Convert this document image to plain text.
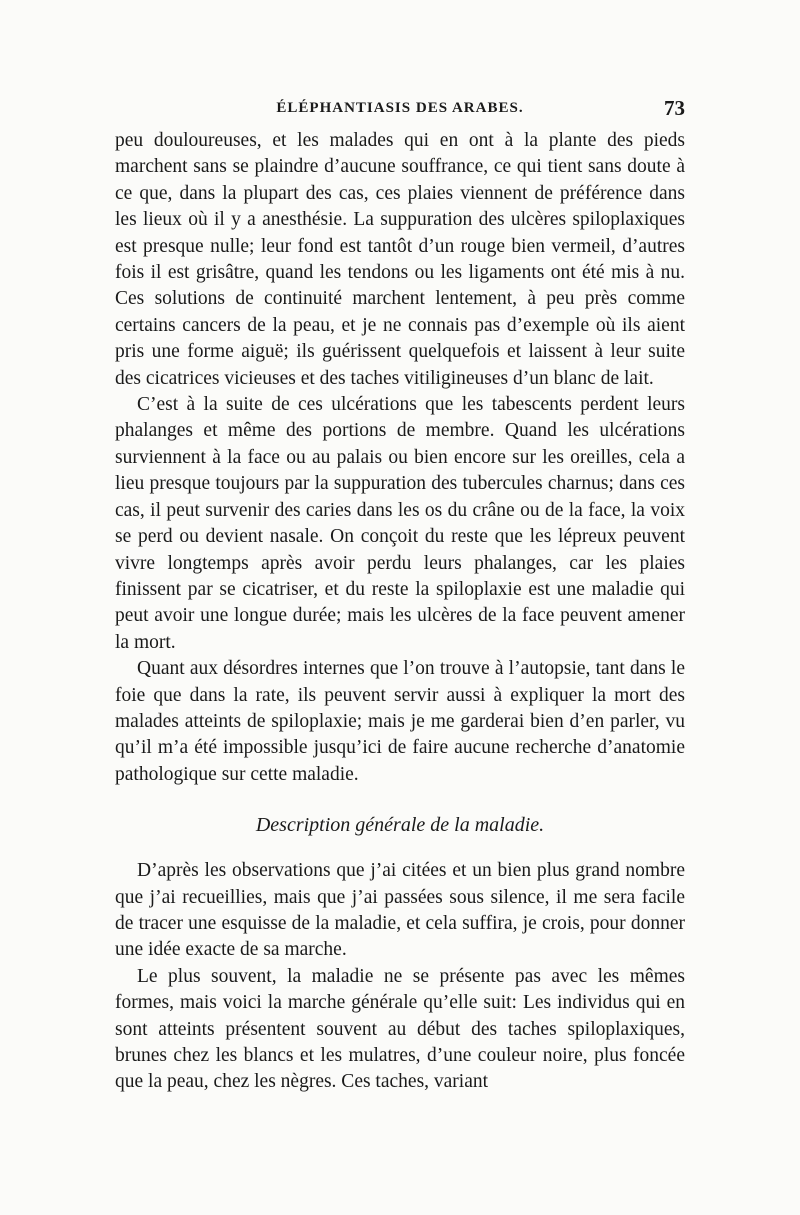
ÉLÉPHANTIASIS DES ARABES.	73

peu douloureuses, et les malades qui en ont à la plante des pieds marchent sans se plaindre d’aucune souffrance, ce qui tient sans doute à ce que, dans la plupart des cas, ces plaies viennent de préférence dans les lieux où il y a anesthésie. La suppuration des ulcères spiloplaxiques est presque nulle; leur fond est tantôt d’un rouge bien vermeil, d’autres fois il est grisâtre, quand les tendons ou les ligaments ont été mis à nu. Ces solutions de continuité marchent lentement, à peu près comme certains cancers de la peau, et je ne connais pas d’exemple où ils aient pris une forme aiguë; ils guérissent quelquefois et laissent à leur suite des cicatrices vicieuses et des taches vitiligineuses d’un blanc de lait.

C’est à la suite de ces ulcérations que les tabescents perdent leurs phalanges et même des portions de membre. Quand les ulcérations surviennent à la face ou au palais ou bien encore sur les oreilles, cela a lieu presque toujours par la suppuration des tubercules charnus; dans ces cas, il peut survenir des caries dans les os du crâne ou de la face, la voix se perd ou devient nasale. On conçoit du reste que les lépreux peuvent vivre longtemps après avoir perdu leurs phalanges, car les plaies finissent par se cicatriser, et du reste la spiloplaxie est une maladie qui peut avoir une longue durée; mais les ulcères de la face peuvent amener la mort.

Quant aux désordres internes que l’on trouve à l’autopsie, tant dans le foie que dans la rate, ils peuvent servir aussi à expliquer la mort des malades atteints de spiloplaxie; mais je me garderai bien d’en parler, vu qu’il m’a été impossible jusqu’ici de faire aucune recherche d’anatomie pathologique sur cette maladie.

Description générale de la maladie.

D’après les observations que j’ai citées et un bien plus grand nombre que j’ai recueillies, mais que j’ai passées sous silence, il me sera facile de tracer une esquisse de la maladie, et cela suffira, je crois, pour donner une idée exacte de sa marche.

Le plus souvent, la maladie ne se présente pas avec les mêmes formes, mais voici la marche générale qu’elle suit: Les individus qui en sont atteints présentent souvent au début des taches spiloplaxiques, brunes chez les blancs et les mulatres, d’une couleur noire, plus foncée que la peau, chez les nègres. Ces taches, variant
